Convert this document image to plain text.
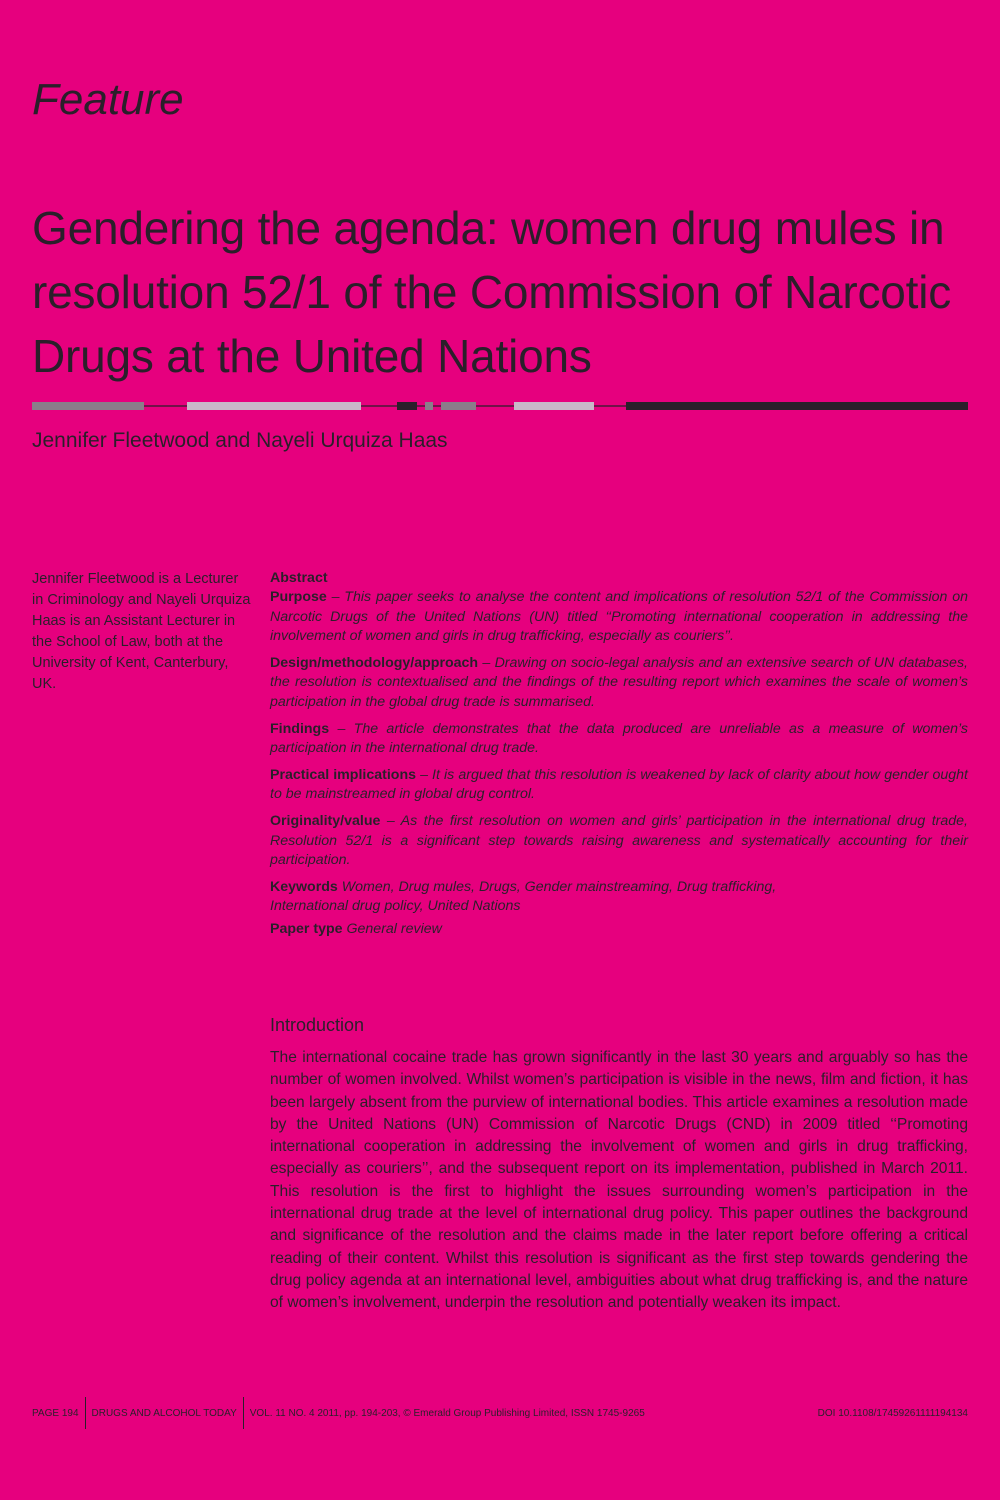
Feature
Gendering the agenda: women drug mules in resolution 52/1 of the Commission of Narcotic Drugs at the United Nations

Jennifer Fleetwood and Nayeli Urquiza Haas

Jennifer Fleetwood is a Lecturer in Criminology and Nayeli Urquiza Haas is an Assistant Lecturer in the School of Law, both at the University of Kent, Canterbury, UK.

Abstract

Purpose – This paper seeks to analyse the content and implications of resolution 52/1 of the Commission on Narcotic Drugs of the United Nations (UN) titled ‘‘Promoting international cooperation in addressing the involvement of women and girls in drug trafficking, especially as couriers’’.

Design/methodology/approach – Drawing on socio-legal analysis and an extensive search of UN databases, the resolution is contextualised and the findings of the resulting report which examines the scale of women’s participation in the global drug trade is summarised.

Findings – The article demonstrates that the data produced are unreliable as a measure of women’s participation in the international drug trade.

Practical implications – It is argued that this resolution is weakened by lack of clarity about how gender ought to be mainstreamed in global drug control.

Originality/value – As the first resolution on women and girls’ participation in the international drug trade, Resolution 52/1 is a significant step towards raising awareness and systematically accounting for their participation.

Keywords Women, Drug mules, Drugs, Gender mainstreaming, Drug trafficking,
International drug policy, United Nations

Paper type General review

Introduction

The international cocaine trade has grown significantly in the last 30 years and arguably so has the number of women involved. Whilst women’s participation is visible in the news, film and fiction, it has been largely absent from the purview of international bodies. This article examines a resolution made by the United Nations (UN) Commission of Narcotic Drugs (CND) in 2009 titled ‘‘Promoting international cooperation in addressing the involvement of women and girls in drug trafficking, especially as couriers’’, and the subsequent report on its implementation, published in March 2011. This resolution is the first to highlight the issues surrounding women’s participation in the international drug trade at the level of international drug policy. This paper outlines the background and significance of the resolution and the claims made in the later report before offering a critical reading of their content. Whilst this resolution is significant as the first step towards gendering the drug policy agenda at an international level, ambiguities about what drug trafficking is, and the nature of women’s involvement, underpin the resolution and potentially weaken its impact.

PAGE 194 DRUGS AND ALCOHOL TODAY VOL. 11 NO. 4 2011, pp. 194-203, © Emerald Group Publishing Limited, ISSN 1745-9265	DOI 10.1108/17459261111194134
